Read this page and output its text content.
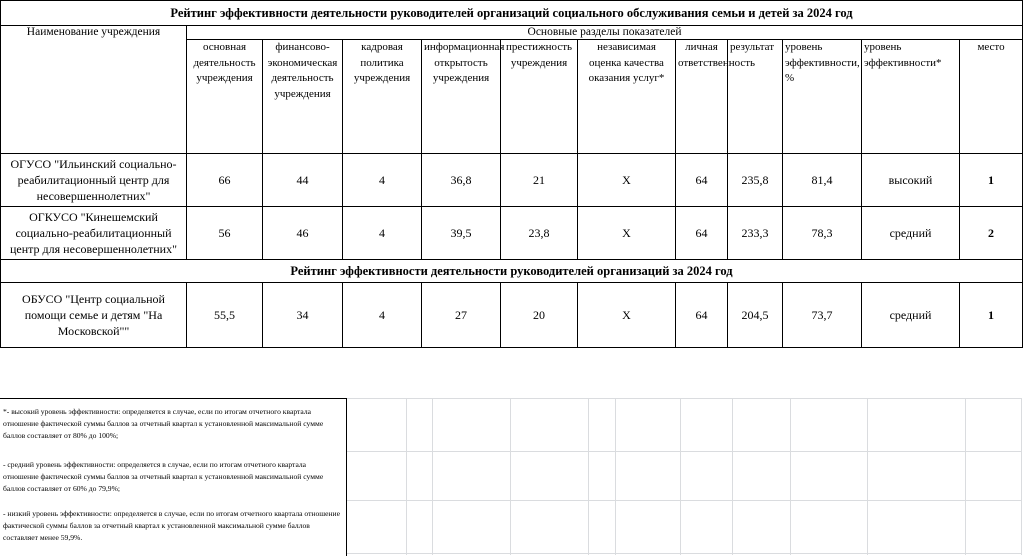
Рейтинг эффективности деятельности руководителей организаций социального обслуживания семьи и детей за 2024 год											
Наименование учреждения	Основные разделы показателей										
	основная деятельность учреждения	финансово-экономическая деятельность учреждения	кадровая политика учреждения	информационная открытость учреждения	престижность учреждения	независимая оценка качества оказания услуг*	личная ответственность	результат	уровень эффективности, %	уровень эффективности*	место
ОГУСО "Ильинский социально-реабилитационный центр для несовершеннолетних"	66	44	4	36,8	21	Х	64	235,8	81,4	высокий	1
ОГКУСО "Кинешемский социально-реабилитационный центр для несовершеннолетних"	56	46	4	39,5	23,8	Х	64	233,3	78,3	средний	2
Рейтинг эффективности деятельности руководителей организаций за 2024 год											
ОБУСО "Центр социальной помощи семье и детям "На Московской""	55,5	34	4	27	20	Х	64	204,5	73,7	средний	1
*- высокий уровень эффективности: определяется в случае, если по итогам отчетного квартала отношение фактической суммы баллов за отчетный квартал к установленной максимальной сумме баллов составляет от 80% до 100%;
- средний уровень эффективности: определяется в случае, если по итогам отчетного квартала отношение фактической суммы баллов за отчетный квартал к установленной максимальной сумме баллов составляет от 60% до 79,9%;
- низкий уровень эффективности: определяется в случае, если по итогам отчетного квартала отношение фактической суммы баллов за отчетный квартал к установленной максимальной сумме баллов составляет менее 59,9%.
